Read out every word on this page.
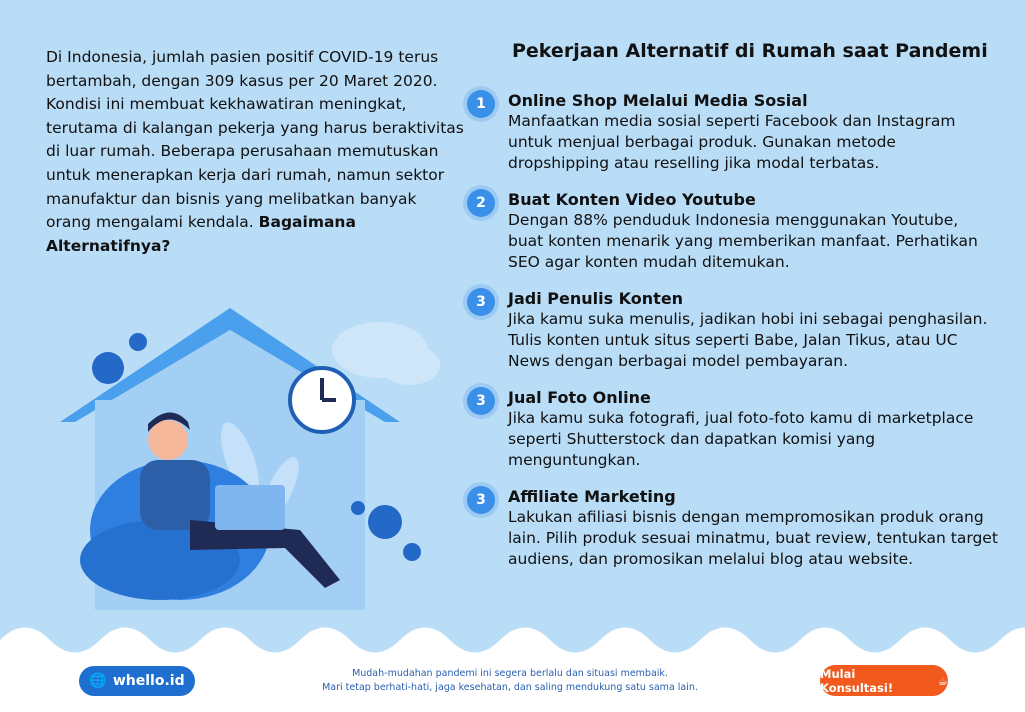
Di Indonesia, jumlah pasien positif COVID-19 terus bertambah, dengan 309 kasus per 20 Maret 2020. Kondisi ini membuat kekhawatiran meningkat, terutama di kalangan pekerja yang harus beraktivitas di luar rumah. Beberapa perusahaan memutuskan untuk menerapkan kerja dari rumah, namun sektor manufaktur dan bisnis yang melibatkan banyak orang mengalami kendala. Bagaimana Alternatifnya?
Pekerjaan Alternatif di Rumah saat Pandemi
1	Online Shop Melalui Media Sosial
Manfaatkan media sosial seperti Facebook dan Instagram untuk menjual berbagai produk. Gunakan metode dropshipping atau reselling jika modal terbatas.
2	Buat Konten Video Youtube
Dengan 88% penduduk Indonesia menggunakan Youtube, buat konten menarik yang memberikan manfaat. Perhatikan SEO agar konten mudah ditemukan.
3	Jadi Penulis Konten
Jika kamu suka menulis, jadikan hobi ini sebagai penghasilan. Tulis konten untuk situs seperti Babe, Jalan Tikus, atau UC News dengan berbagai model pembayaran.
3	Jual Foto Online
Jika kamu suka fotografi, jual foto-foto kamu di marketplace seperti Shutterstock dan dapatkan komisi yang menguntungkan.
3	Affiliate Marketing
Lakukan afiliasi bisnis dengan mempromosikan produk orang lain. Pilih produk sesuai minatmu, buat review, tentukan target audiens, dan promosikan melalui blog atau website.
🌐 whello.id	Mudah-mudahan pandemi ini segera berlalu dan situasi membaik.
Mari tetap berhati-hati, jaga kesehatan, dan saling mendukung satu sama lain.
Mulai Konsultasi!	☕
